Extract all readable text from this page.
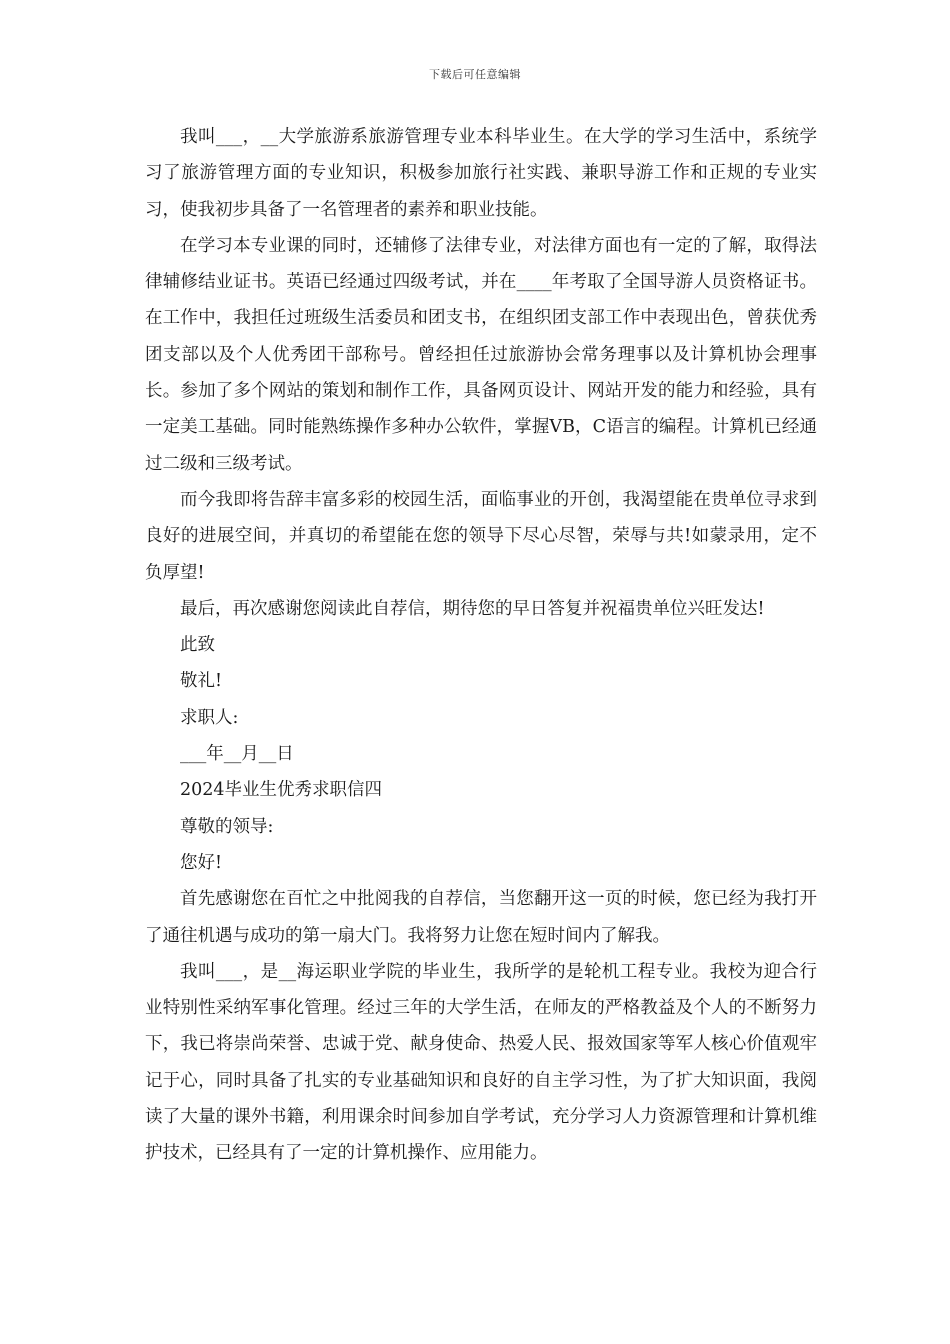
下载后可任意编辑

我叫___，__大学旅游系旅游管理专业本科毕业生。在大学的学习生活中，系统学习了旅游管理方面的专业知识，积极参加旅行社实践、兼职导游工作和正规的专业实习，使我初步具备了一名管理者的素养和职业技能。

在学习本专业课的同时，还辅修了法律专业，对法律方面也有一定的了解，取得法律辅修结业证书。英语已经通过四级考试，并在____年考取了全国导游人员资格证书。在工作中，我担任过班级生活委员和团支书，在组织团支部工作中表现出色，曾获优秀团支部以及个人优秀团干部称号。曾经担任过旅游协会常务理事以及计算机协会理事长。参加了多个网站的策划和制作工作，具备网页设计、网站开发的能力和经验，具有一定美工基础。同时能熟练操作多种办公软件，掌握VB，C语言的编程。计算机已经通过二级和三级考试。

而今我即将告辞丰富多彩的校园生活，面临事业的开创，我渴望能在贵单位寻求到良好的进展空间，并真切的希望能在您的领导下尽心尽智，荣辱与共!如蒙录用，定不负厚望!

最后，再次感谢您阅读此自荐信，期待您的早日答复并祝福贵单位兴旺发达!

此致

敬礼!

求职人:

___年__月__日

2024毕业生优秀求职信四

尊敬的领导:

您好!

首先感谢您在百忙之中批阅我的自荐信，当您翻开这一页的时候，您已经为我打开了通往机遇与成功的第一扇大门。我将努力让您在短时间内了解我。

我叫___，是__海运职业学院的毕业生，我所学的是轮机工程专业。我校为迎合行业特别性采纳军事化管理。经过三年的大学生活，在师友的严格教益及个人的不断努力下，我已将崇尚荣誉、忠诚于党、献身使命、热爱人民、报效国家等军人核心价值观牢记于心，同时具备了扎实的专业基础知识和良好的自主学习性，为了扩大知识面，我阅读了大量的课外书籍，利用课余时间参加自学考试，充分学习人力资源管理和计算机维护技术，已经具有了一定的计算机操作、应用能力。
